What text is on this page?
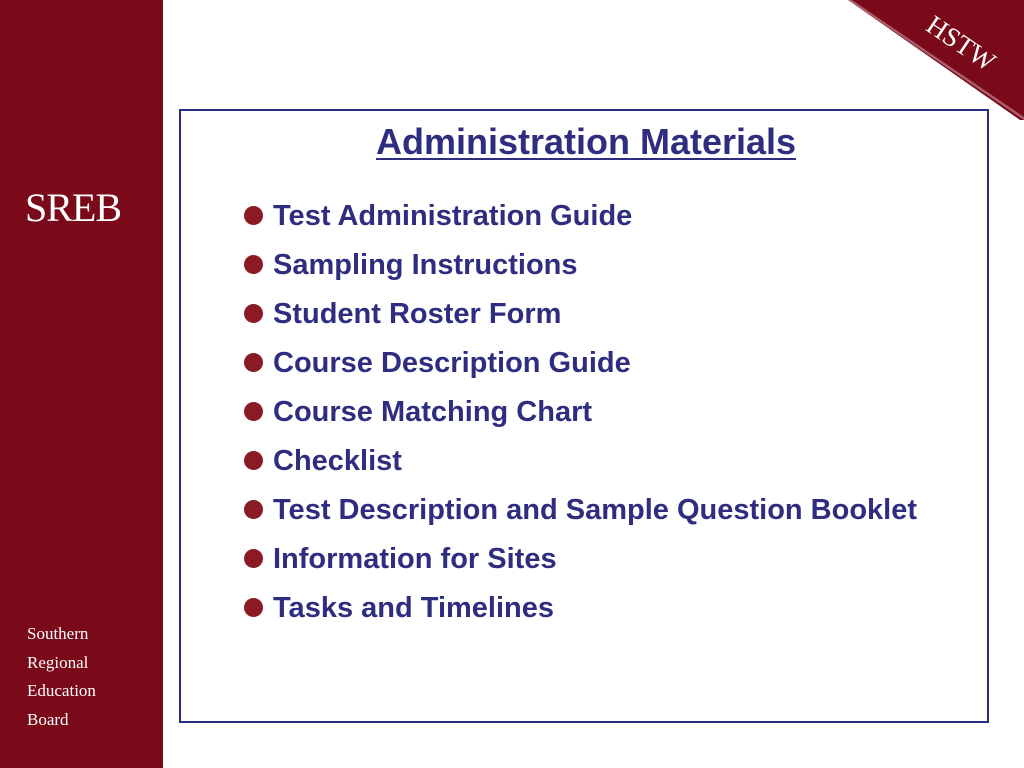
SREB
Southern
Regional
Education
Board
HSTW
Administration Materials
Test Administration Guide
Sampling Instructions
Student Roster Form
Course Description Guide
Course Matching Chart
Checklist
Test Description and Sample Question Booklet
Information for Sites
Tasks and Timelines
